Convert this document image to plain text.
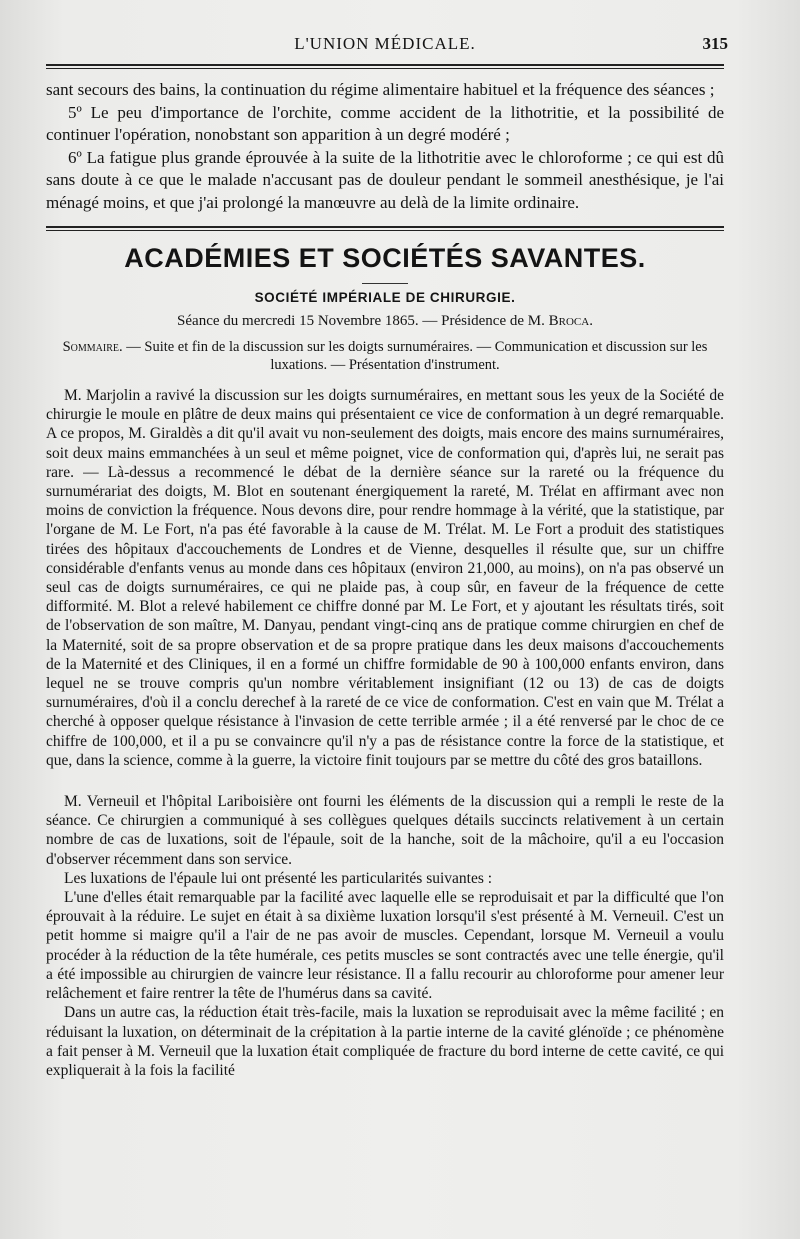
L'UNION MÉDICALE.	315

sant secours des bains, la continuation du régime alimentaire habituel et la fréquence des séances ;

5º Le peu d'importance de l'orchite, comme accident de la lithotritie, et la possibilité de continuer l'opération, nonobstant son apparition à un degré modéré ;

6º La fatigue plus grande éprouvée à la suite de la lithotritie avec le chloroforme ; ce qui est dû sans doute à ce que le malade n'accusant pas de douleur pendant le sommeil anesthésique, je l'ai ménagé moins, et que j'ai prolongé la manœuvre au delà de la limite ordinaire.

ACADÉMIES ET SOCIÉTÉS SAVANTES.
SOCIÉTÉ IMPÉRIALE DE CHIRURGIE.
Séance du mercredi 15 Novembre 1865. — Présidence de M. Broca.
Sommaire. — Suite et fin de la discussion sur les doigts surnuméraires. — Communication et discussion sur les luxations. — Présentation d'instrument.

M. Marjolin a ravivé la discussion sur les doigts surnuméraires, en mettant sous les yeux de la Société de chirurgie le moule en plâtre de deux mains qui présentaient ce vice de conformation à un degré remarquable. A ce propos, M. Giraldès a dit qu'il avait vu non-seulement des doigts, mais encore des mains surnuméraires, soit deux mains emmanchées à un seul et même poignet, vice de conformation qui, d'après lui, ne serait pas rare. — Là-dessus a recommencé le débat de la dernière séance sur la rareté ou la fréquence du surnumérariat des doigts, M. Blot en soutenant énergiquement la rareté, M. Trélat en affirmant avec non moins de conviction la fréquence. Nous devons dire, pour rendre hommage à la vérité, que la statistique, par l'organe de M. Le Fort, n'a pas été favorable à la cause de M. Trélat. M. Le Fort a produit des statistiques tirées des hôpitaux d'accouchements de Londres et de Vienne, desquelles il résulte que, sur un chiffre considérable d'enfants venus au monde dans ces hôpitaux (environ 21,000, au moins), on n'a pas observé un seul cas de doigts surnuméraires, ce qui ne plaide pas, à coup sûr, en faveur de la fréquence de cette difformité. M. Blot a relevé habilement ce chiffre donné par M. Le Fort, et y ajoutant les résultats tirés, soit de l'observation de son maître, M. Danyau, pendant vingt-cinq ans de pratique comme chirurgien en chef de la Maternité, soit de sa propre observation et de sa propre pratique dans les deux maisons d'accouchements de la Maternité et des Cliniques, il en a formé un chiffre formidable de 90 à 100,000 enfants environ, dans lequel ne se trouve compris qu'un nombre véritablement insignifiant (12 ou 13) de cas de doigts surnuméraires, d'où il a conclu derechef à la rareté de ce vice de conformation. C'est en vain que M. Trélat a cherché à opposer quelque résistance à l'invasion de cette terrible armée ; il a été renversé par le choc de ce chiffre de 100,000, et il a pu se convaincre qu'il n'y a pas de résistance contre la force de la statistique, et que, dans la science, comme à la guerre, la victoire finit toujours par se mettre du côté des gros bataillons.

M. Verneuil et l'hôpital Lariboisière ont fourni les éléments de la discussion qui a rempli le reste de la séance. Ce chirurgien a communiqué à ses collègues quelques détails succincts relativement à un certain nombre de cas de luxations, soit de l'épaule, soit de la hanche, soit de la mâchoire, qu'il a eu l'occasion d'observer récemment dans son service.

Les luxations de l'épaule lui ont présenté les particularités suivantes :

L'une d'elles était remarquable par la facilité avec laquelle elle se reproduisait et par la difficulté que l'on éprouvait à la réduire. Le sujet en était à sa dixième luxation lorsqu'il s'est présenté à M. Verneuil. C'est un petit homme si maigre qu'il a l'air de ne pas avoir de muscles. Cependant, lorsque M. Verneuil a voulu procéder à la réduction de la tête humérale, ces petits muscles se sont contractés avec une telle énergie, qu'il a été impossible au chirurgien de vaincre leur résistance. Il a fallu recourir au chloroforme pour amener leur relâchement et faire rentrer la tête de l'humérus dans sa cavité.

Dans un autre cas, la réduction était très-facile, mais la luxation se reproduisait avec la même facilité ; en réduisant la luxation, on déterminait de la crépitation à la partie interne de la cavité glénoïde ; ce phénomène a fait penser à M. Verneuil que la luxation était compliquée de fracture du bord interne de cette cavité, ce qui expliquerait à la fois la facilité
